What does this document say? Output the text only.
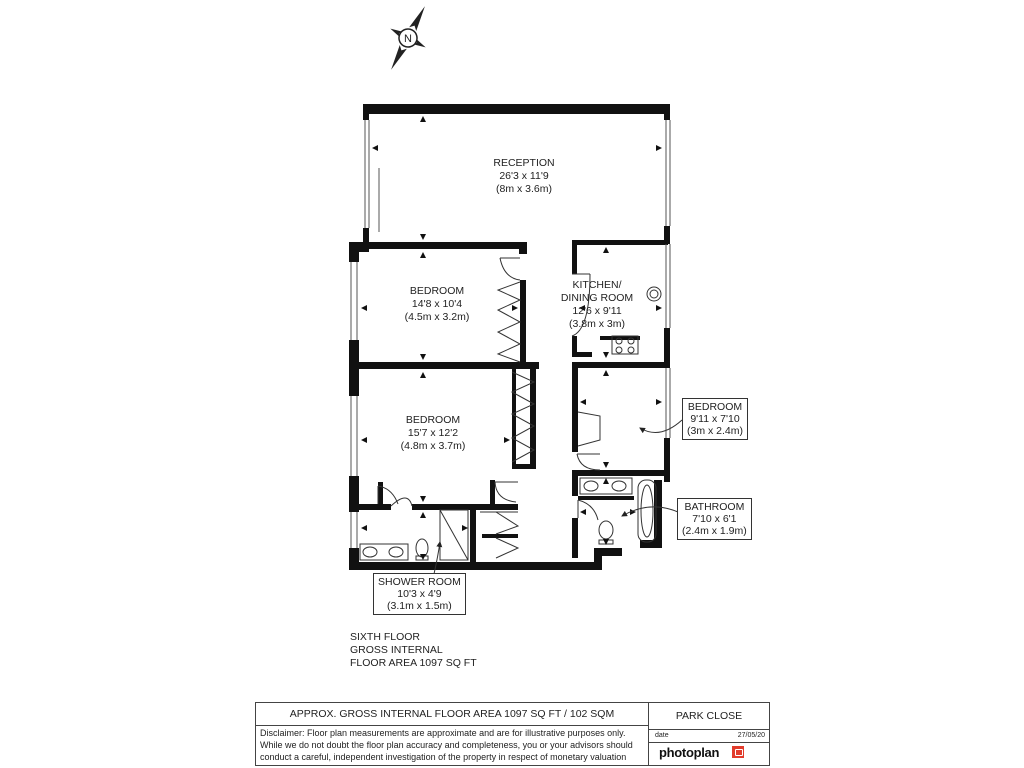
N
RECEPTION
26'3 x 11'9
(8m x 3.6m)
BEDROOM
14'8 x 10'4
(4.5m x 3.2m)
BEDROOM
15'7 x 12'2
(4.8m x 3.7m)
KITCHEN/
DINING ROOM
12'6 x 9'11
(3.8m x 3m)
BEDROOM
9'11 x 7'10
(3m x 2.4m)
BATHROOM
7'10 x 6'1
(2.4m x 1.9m)
SHOWER ROOM
10'3 x 4'9
(3.1m x 1.5m)
SIXTH FLOOR
GROSS INTERNAL
FLOOR AREA 1097 SQ FT
APPROX. GROSS INTERNAL FLOOR AREA 1097 SQ FT / 102 SQM
Disclaimer: Floor plan measurements are approximate and are for illustrative purposes only.
While we do not doubt the floor plan accuracy and completeness, you or your advisors should
conduct a careful, independent investigation of the property in respect of monetary valuation
PARK CLOSE
date	27/05/20
photoplan
